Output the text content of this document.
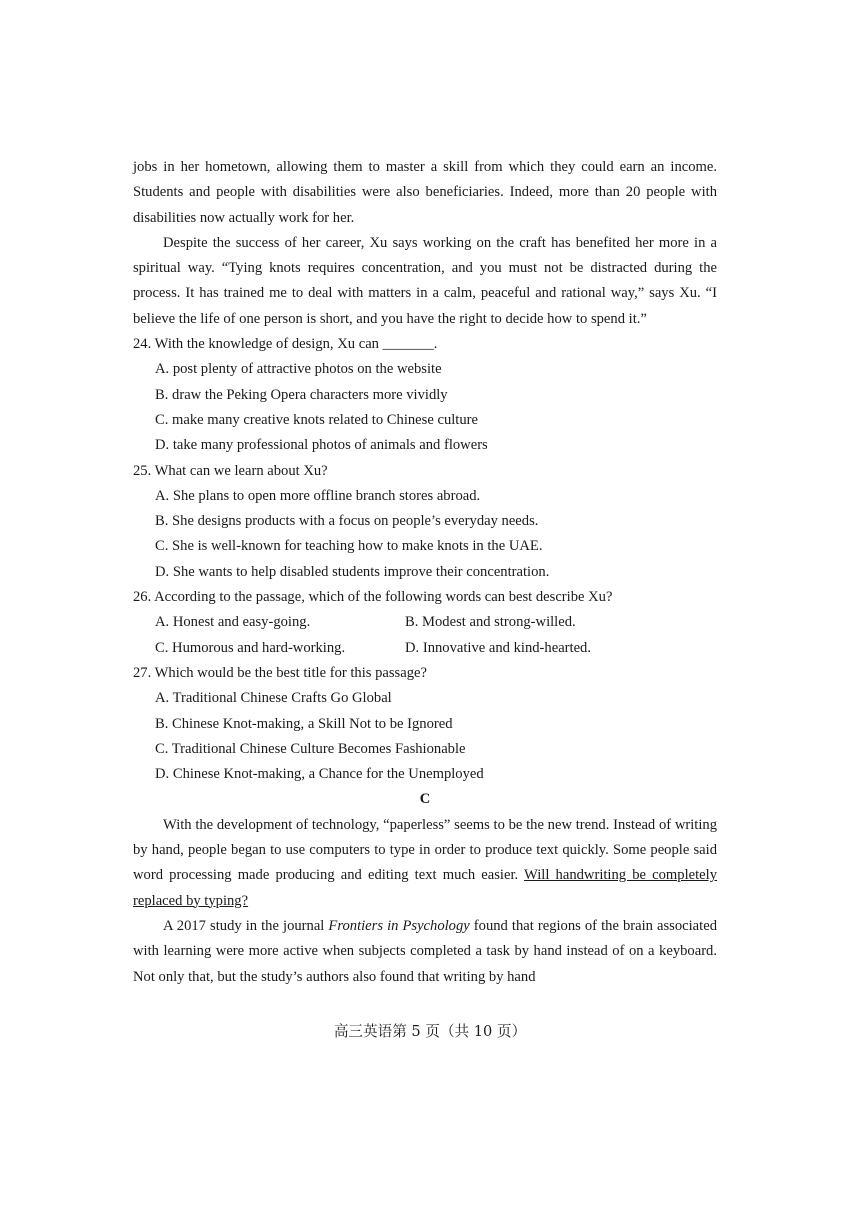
jobs in her hometown, allowing them to master a skill from which they could earn an income. Students and people with disabilities were also beneficiaries. Indeed, more than 20 people with disabilities now actually work for her.

Despite the success of her career, Xu says working on the craft has benefited her more in a spiritual way. “Tying knots requires concentration, and you must not be distracted during the process. It has trained me to deal with matters in a calm, peaceful and rational way,” says Xu. “I believe the life of one person is short, and you have the right to decide how to spend it.”

24. With the knowledge of design, Xu can _______.

A. post plenty of attractive photos on the website

B. draw the Peking Opera characters more vividly

C. make many creative knots related to Chinese culture

D. take many professional photos of animals and flowers

25. What can we learn about Xu?

A. She plans to open more offline branch stores abroad.

B. She designs products with a focus on people’s everyday needs.

C. She is well-known for teaching how to make knots in the UAE.

D. She wants to help disabled students improve their concentration.

26. According to the passage, which of the following words can best describe Xu?

A. Honest and easy-going.	B. Modest and strong-willed.
C. Humorous and hard-working.	D. Innovative and kind-hearted.

27. Which would be the best title for this passage?

A. Traditional Chinese Crafts Go Global

B. Chinese Knot-making, a Skill Not to be Ignored

C. Traditional Chinese Culture Becomes Fashionable

D. Chinese Knot-making, a Chance for the Unemployed

C

With the development of technology, “paperless” seems to be the new trend. Instead of writing by hand, people began to use computers to type in order to produce text quickly. Some people said word processing made producing and editing text much easier. Will handwriting be completely replaced by typing?

A 2017 study in the journal Frontiers in Psychology found that regions of the brain associated with learning were more active when subjects completed a task by hand instead of on a keyboard. Not only that, but the study’s authors also found that writing by hand

高三英语第 5 页（共 10 页）
